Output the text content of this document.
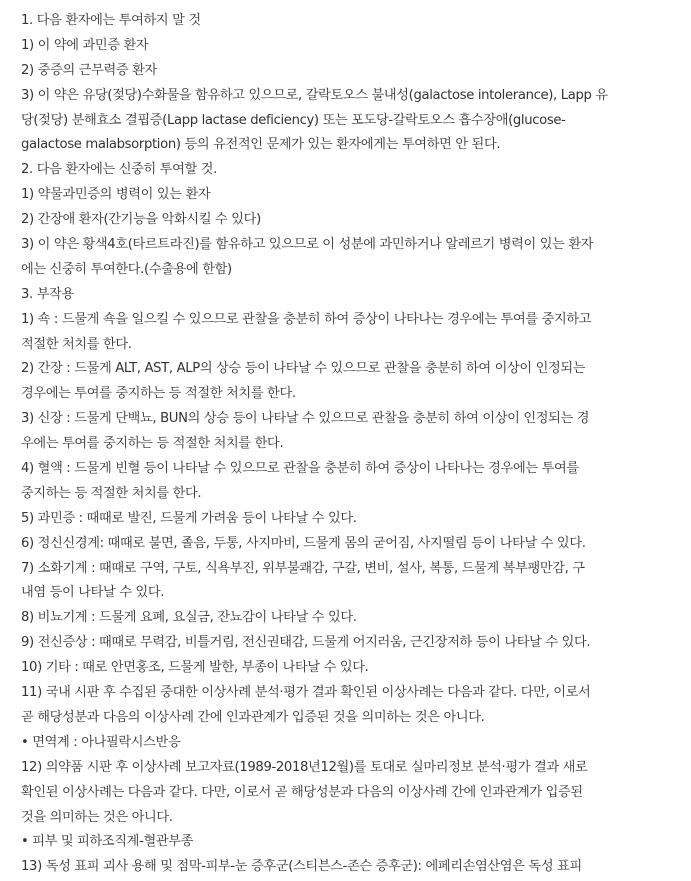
1. 다음 환자에는 투여하지 말 것
1) 이 약에 과민증 환자
2) 중증의 근무력증 환자
3) 이 약은 유당(젖당)수화물을 함유하고 있으므로, 갈락토오스 불내성(galactose intolerance), Lapp 유
당(젖당) 분해효소 결핍증(Lapp lactase deficiency) 또는 포도당-갈락토오스 흡수장애(glucose-
galactose malabsorption) 등의 유전적인 문제가 있는 환자에게는 투여하면 안 된다.
2. 다음 환자에는 신중히 투여할 것.
1) 약물과민증의 병력이 있는 환자
2) 간장애 환자(간기능을 악화시킬 수 있다)
3) 이 약은 황색4호(타르트라진)를 함유하고 있으므로 이 성분에 과민하거나 알레르기 병력이 있는 환자
에는 신중히 투여한다.(수출용에 한함)
3. 부작용
1) 쇽 : 드물게 쇽을 일으킬 수 있으므로 관찰을 충분히 하여 증상이 나타나는 경우에는 투여를 중지하고
적절한 처치를 한다.
2) 간장 : 드물게 ALT, AST, ALP의 상승 등이 나타날 수 있으므로 관찰을 충분히 하여 이상이 인정되는
경우에는 투여를 중지하는 등 적절한 처치를 한다.
3) 신장 : 드물게 단백뇨, BUN의 상승 등이 나타날 수 있으므로 관찰을 충분히 하여 이상이 인정되는 경
우에는 투여를 중지하는 등 적절한 처치를 한다.
4) 혈액 : 드물게 빈혈 등이 나타날 수 있으므로 관찰을 충분히 하여 증상이 나타나는 경우에는 투여를
중지하는 등 적절한 처치를 한다.
5) 과민증 : 때때로 발진, 드물게 가려움 등이 나타날 수 있다.
6) 정신신경계: 때때로 불면, 졸음, 두통, 사지마비, 드물게 몸의 굳어짐, 사지떨림 등이 나타날 수 있다.
7) 소화기계 : 때때로 구역, 구토, 식욕부진, 위부불쾌감, 구갈, 변비, 설사, 복통, 드물게 복부팽만감, 구
내염 등이 나타날 수 있다.
8) 비뇨기계 : 드물게 요폐, 요실금, 잔뇨감이 나타날 수 있다.
9) 전신증상 : 때때로 무력감, 비틀거림, 전신권태감, 드물게 어지러움, 근긴장저하 등이 나타날 수 있다.
10) 기타 : 때로 안면홍조, 드물게 발한, 부종이 나타날 수 있다.
11) 국내 시판 후 수집된 중대한 이상사례 분석·평가 결과 확인된 이상사례는 다음과 같다. 다만, 이로서
곧 해당성분과 다음의 이상사례 간에 인과관계가 입증된 것을 의미하는 것은 아니다.
• 면역계 : 아나필락시스반응
12) 의약품 시판 후 이상사례 보고자료(1989-2018년12월)를 토대로 실마리정보 분석·평가 결과 새로
확인된 이상사례는 다음과 같다. 다만, 이로서 곧 해당성분과 다음의 이상사례 간에 인과관계가 입증된
것을 의미하는 것은 아니다.
• 피부 및 피하조직계-혈관부종
13) 독성 표피 괴사 용해 및 점막-피부-눈 증후군(스티븐스-존슨 증후군): 에페리손염산염은 독성 표피
